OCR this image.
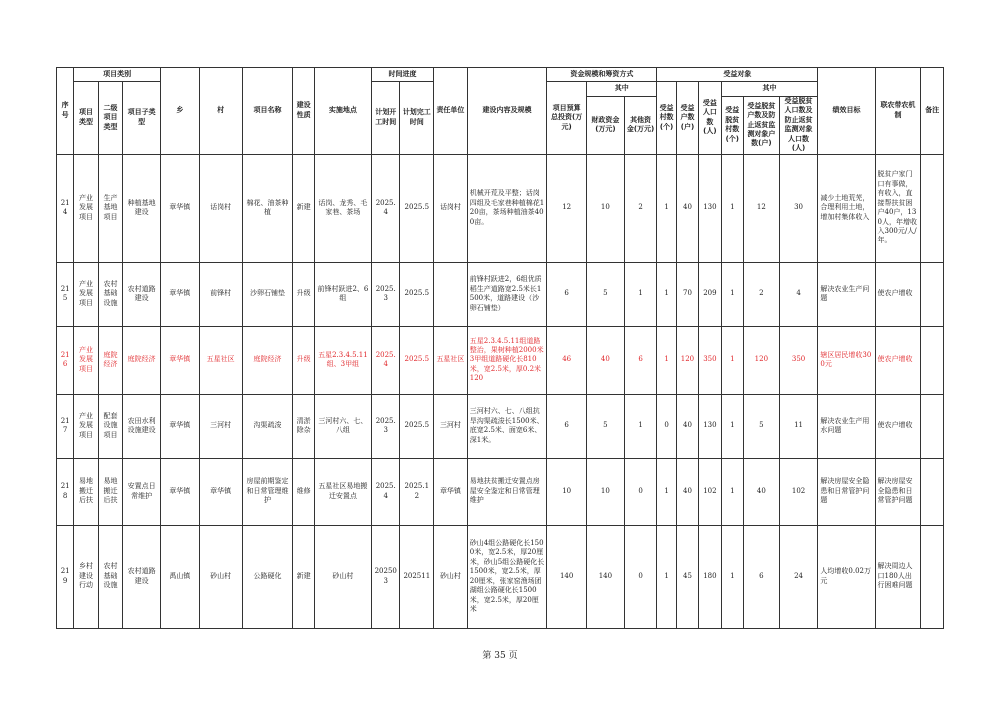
序号	项目类别			乡	村	项目名称	建设性质	实施地点	时间进度		责任单位	建设内容及规模	资金规模和筹资方式			受益对象						绩效目标	联农带农机制	备注
	项目类型	二级项目类型	项目子类型						计划开工时间	计划完工时间			项目预算总投资(万元)	其中		受益村数(个)	受益户数(户)	受益人口数(人)	其中					
														财政资金(万元)	其他资金(万元)				受益脱贫村数(个)	受益脱贫户数及防止返贫监测对象户数(户)	受益脱贫人口数及防止返贫监测对象人口数(人)			
214	产业发展项目	生产基地项目	种植基地建设	章华镇	话岗村	棉花、油茶种植	新建	话岗、龙秀、毛家巷、茶场	2025.4	2025.5	话岗村	机械开荒及平整；话岗四组及毛家巷种植棉花120亩，茶场种植油茶400亩。	12	10	2	1	40	130	1	12	30	减少土地荒芜，合理利用土地，增加村集体收入	脱贫户家门口有事做，有收入，直接帮扶贫困户40户，130人，年增收入300元/人/年。	
215	产业发展项目	农村基础设施	农村道路建设	章华镇	前锋村	沙卵石铺垫	升级	前锋村跃进2、6组	2025.3	2025.5		前锋村跃进2，6组优质稻生产道路宽2.5米长1500米，道路建设（沙卵石铺垫）	6	5	1	1	70	209	1	2	4	解决农业生产问题	使农户增收	
216	产业发展项目	庭院经济	庭院经济	章华镇	五星社区	庭院经济	升级	五星2.3.4.5.11组、3甲组	2025.4	2025.5	五星社区	五星2.3.4.5.11组道路整治，果树种植2000米3甲组道路硬化长810米，宽2.5米，厚0.2米120	46	40	6	1	120	350	1	120	350	辖区居民增收300元	使农户增收	
217	产业发展项目	配套设施项目	农田水利设施建设	章华镇	三河村	沟渠疏浚	清淤除杂	三河村六、七、八组	2025.3	2025.5	三河村	三河村六、七、八组抗旱沟渠疏浚长1500米、底宽2.5米、面宽6米、深1米。	6	5	1	0	40	130	1	5	11	解决农业生产用水问题	使农户增收	
218	易地搬迁后扶	易地搬迁后扶	安置点日常维护	章华镇	章华镇	房屋前期鉴定和日常管理维护	维修	五星社区易地搬迁安置点	2025.4	2025.12	章华镇	易地扶贫搬迁安置点房屋安全鉴定和日常管理维护	10	10	0	1	40	102	1	40	102	解决房屋安全隐患和日常管护问题	解决房屋安全隐患和日常管护问题	
219	乡村建设行动	农村基础设施	农村道路建设	禹山镇	砂山村	公路硬化	新建	砂山村	202503	202511	砂山村	砂山4组公路硬化长1500米，宽2.5米，厚20厘米，砂山5组公路硬化长1500米，宽2.5米，厚20厘米，张家窑渔场团湖组公路硬化长1500米，宽2.5米，厚20厘米	140	140	0	1	45	180	1	6	24	人均增收0.02万元	解决周边人口180人出行困难问题	
第 35 页
